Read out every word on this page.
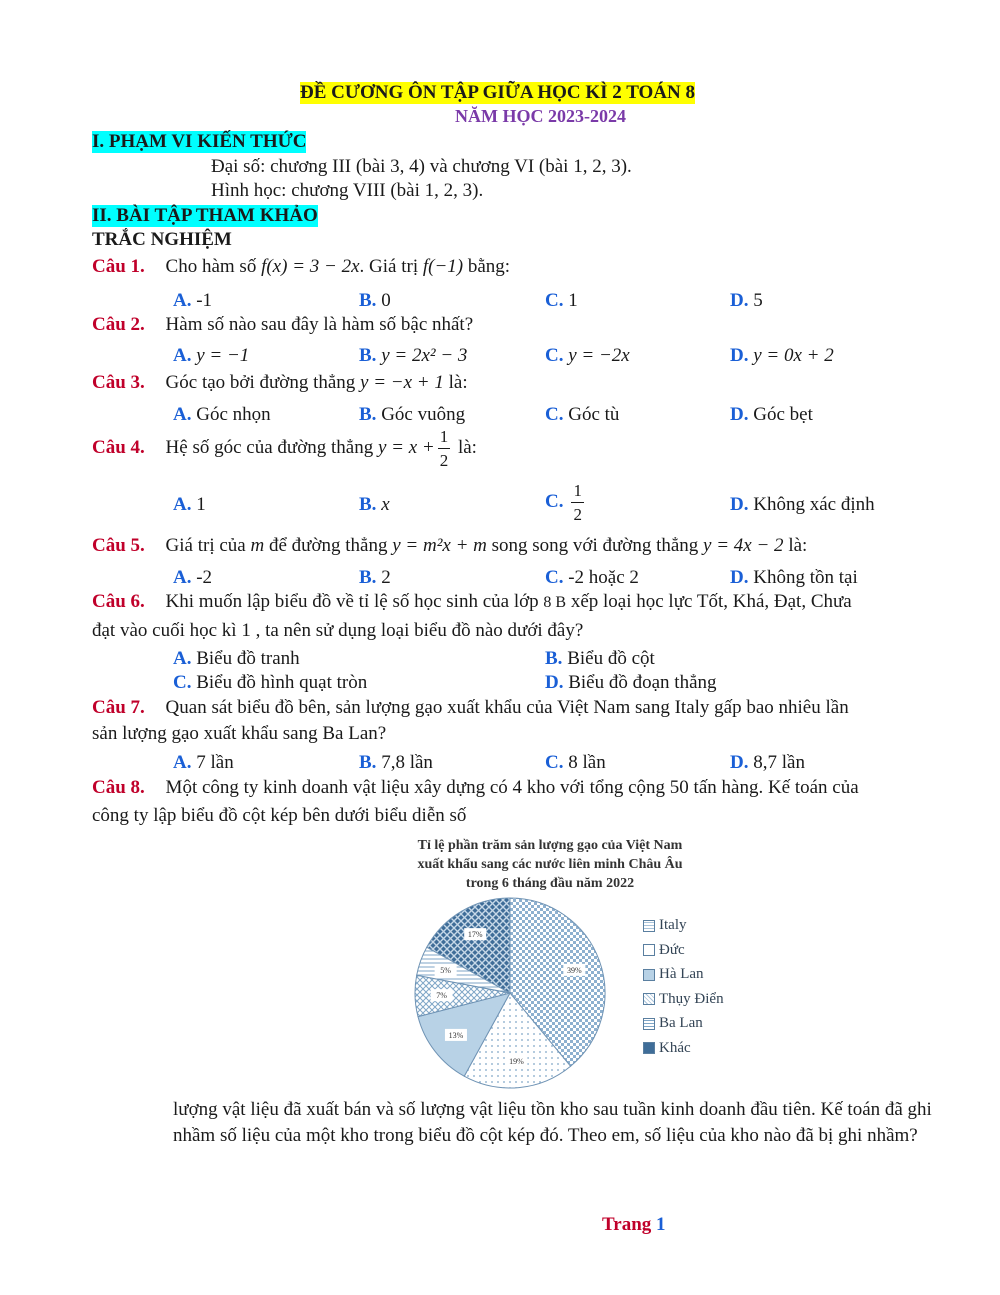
ĐỀ CƯƠNG ÔN TẬP GIỮA HỌC KÌ 2 TOÁN 8
NĂM HỌC 2023-2024
I. PHẠM VI KIẾN THỨC
Đại số: chương III (bài 3, 4) và chương VI (bài 1, 2, 3).
Hình học: chương VIII (bài 1, 2, 3).
II. BÀI TẬP THAM KHẢO
TRẮC NGHIỆM
Câu 1. Cho hàm số f(x) = 3 − 2x. Giá trị f(−1) bằng:
A. -1	B. 0	C. 1	D. 5
Câu 2. Hàm số nào sau đây là hàm số bậc nhất?
A. y = −1	B. y = 2x² − 3	C. y = −2x	D. y = 0x + 2
Câu 3. Góc tạo bởi đường thẳng y = −x + 1 là:
A. Góc nhọn	B. Góc vuông	C. Góc tù	D. Góc bẹt
Câu 4. Hệ số góc của đường thẳng $y = x + \frac{1}{2}$ là:
A. 1	B. x	C. $\frac{1}{2}$	D. Không xác định
Câu 5. Giá trị của m để đường thẳng y = m²x + m song song với đường thẳng y = 4x − 2 là:
A. -2	B. 2	C. -2 hoặc 2	D. Không tồn tại
Câu 6. Khi muốn lập biểu đồ về tỉ lệ số học sinh của lớp 8 B xếp loại học lực Tốt, Khá, Đạt, Chưa
đạt vào cuối học kì 1 , ta nên sử dụng loại biểu đồ nào dưới đây?
A. Biểu đồ tranh	B. Biểu đồ cột
C. Biểu đồ hình quạt tròn	D. Biểu đồ đoạn thẳng
Câu 7. Quan sát biểu đồ bên, sản lượng gạo xuất khẩu của Việt Nam sang Italy gấp bao nhiêu lần
sản lượng gạo xuất khẩu sang Ba Lan?
A. 7 lần	B. 7,8 lần	C. 8 lần	D. 8,7 lần
Câu 8. Một công ty kinh doanh vật liệu xây dựng có 4 kho với tổng cộng 50 tấn hàng. Kế toán của
công ty lập biểu đồ cột kép bên dưới biểu diễn số
Tỉ lệ phần trăm sản lượng gạo của Việt Nam
xuất khẩu sang các nước liên minh Châu Âu
trong 6 tháng đầu năm 2022
39%
19%
13%
7%
5%
17%
Italy
Đức
Hà Lan
Thụy Điển
Ba Lan
Khác
lượng vật liệu đã xuất bán và số lượng vật liệu tồn kho sau tuần kinh doanh đầu tiên. Kế toán đã ghi nhầm số liệu của một kho trong biểu đồ cột kép đó. Theo em, số liệu của kho nào đã bị ghi nhầm?
Trang 1
